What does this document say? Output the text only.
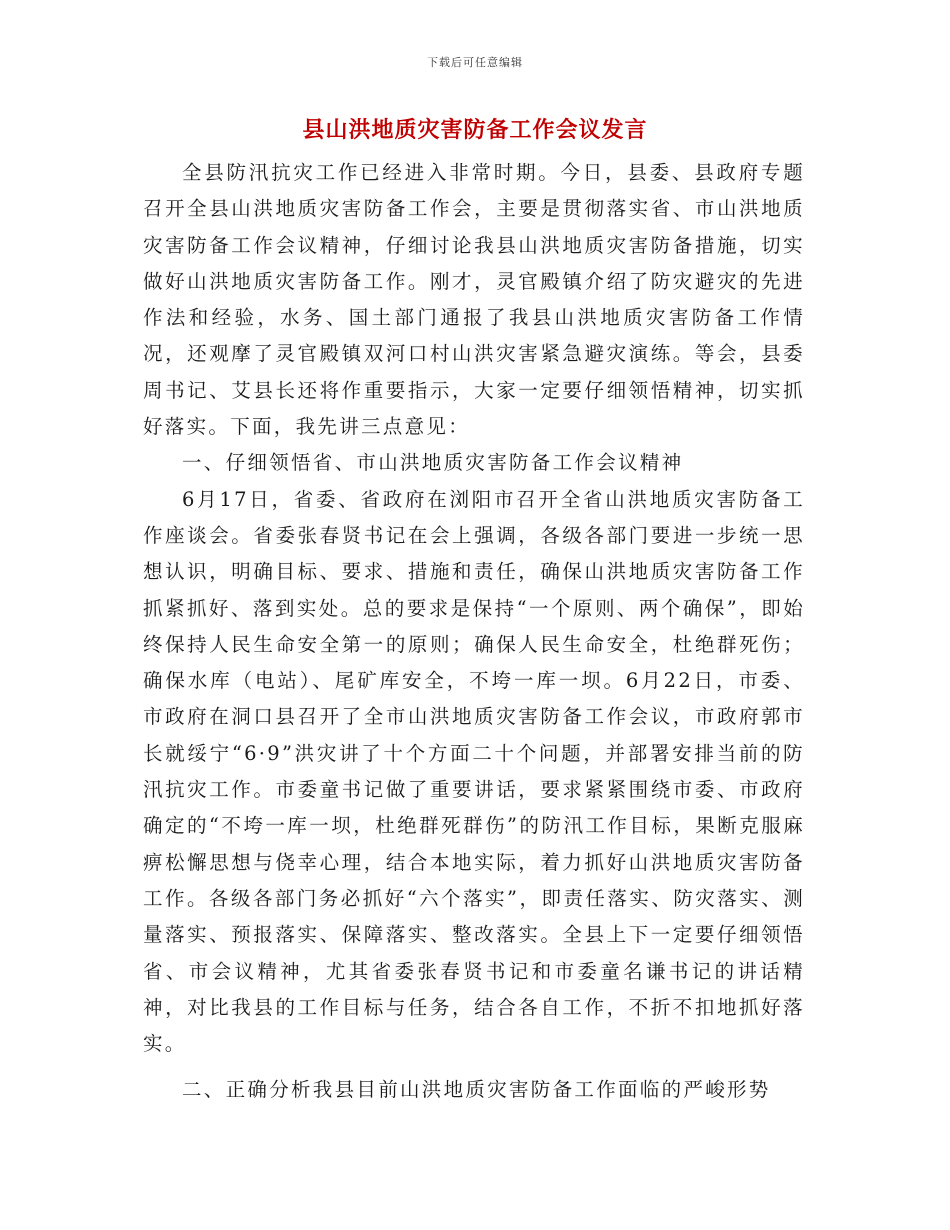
下载后可任意编辑
县山洪地质灾害防备工作会议发言

全县防汛抗灾工作已经进入非常时期。今日，县委、县政府专题召开全县山洪地质灾害防备工作会，主要是贯彻落实省、市山洪地质灾害防备工作会议精神，仔细讨论我县山洪地质灾害防备措施，切实做好山洪地质灾害防备工作。刚才，灵官殿镇介绍了防灾避灾的先进作法和经验，水务、国土部门通报了我县山洪地质灾害防备工作情况，还观摩了灵官殿镇双河口村山洪灾害紧急避灾演练。等会，县委周书记、艾县长还将作重要指示，大家一定要仔细领悟精神，切实抓好落实。下面，我先讲三点意见：

一、仔细领悟省、市山洪地质灾害防备工作会议精神

6月17日，省委、省政府在浏阳市召开全省山洪地质灾害防备工作座谈会。省委张春贤书记在会上强调，各级各部门要进一步统一思想认识，明确目标、要求、措施和责任，确保山洪地质灾害防备工作抓紧抓好、落到实处。总的要求是保持“一个原则、两个确保”，即始终保持人民生命安全第一的原则；确保人民生命安全，杜绝群死伤；确保水库（电站）、尾矿库安全，不垮一库一坝。6月22日，市委、市政府在洞口县召开了全市山洪地质灾害防备工作会议，市政府郭市长就绥宁“6·9”洪灾讲了十个方面二十个问题，并部署安排当前的防汛抗灾工作。市委童书记做了重要讲话，要求紧紧围绕市委、市政府确定的“不垮一库一坝，杜绝群死群伤”的防汛工作目标，果断克服麻痹松懈思想与侥幸心理，结合本地实际，着力抓好山洪地质灾害防备工作。各级各部门务必抓好“六个落实”，即责任落实、防灾落实、测量落实、预报落实、保障落实、整改落实。全县上下一定要仔细领悟省、市会议精神，尤其省委张春贤书记和市委童名谦书记的讲话精神，对比我县的工作目标与任务，结合各自工作，不折不扣地抓好落实。

二、正确分析我县目前山洪地质灾害防备工作面临的严峻形势
